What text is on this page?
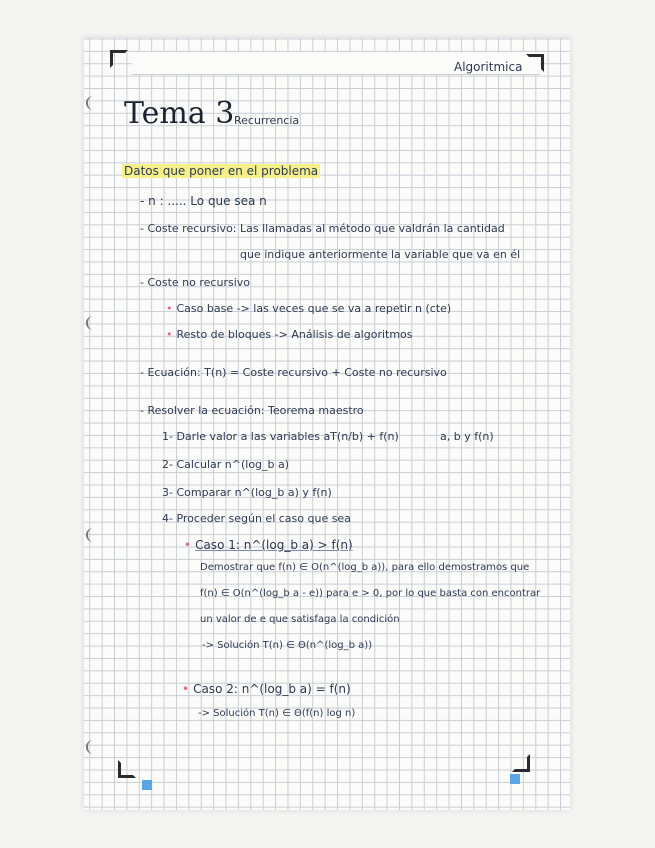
Algoritmica
Tema 3 Recurrencia
Datos que poner en el problema
- n : ..... Lo que sea n
- Coste recursivo: Las llamadas al método que valdrán la cantidad
que indique anteriormente la variable que va en él
- Coste no recursivo
• Caso base -> las veces que se va a repetir n (cte)
• Resto de bloques -> Análisis de algoritmos
- Ecuación: T(n) = Coste recursivo + Coste no recursivo
- Resolver la ecuación: Teorema maestro
1- Darle valor a las variables aT(n/b) + f(n)	a, b y f(n)
2- Calcular n^(log_b a)
3- Comparar n^(log_b a) y f(n)
4- Proceder según el caso que sea
• Caso 1: n^(log_b a) > f(n)
Demostrar que f(n) ∈ O(n^(log_b a)), para ello demostramos que
f(n) ∈ O(n^(log_b a - e)) para e > 0, por lo que basta con encontrar
un valor de e que satisfaga la condición
-> Solución T(n) ∈ Θ(n^(log_b a))
• Caso 2: n^(log_b a) = f(n)
-> Solución T(n) ∈ Θ(f(n) log n)
